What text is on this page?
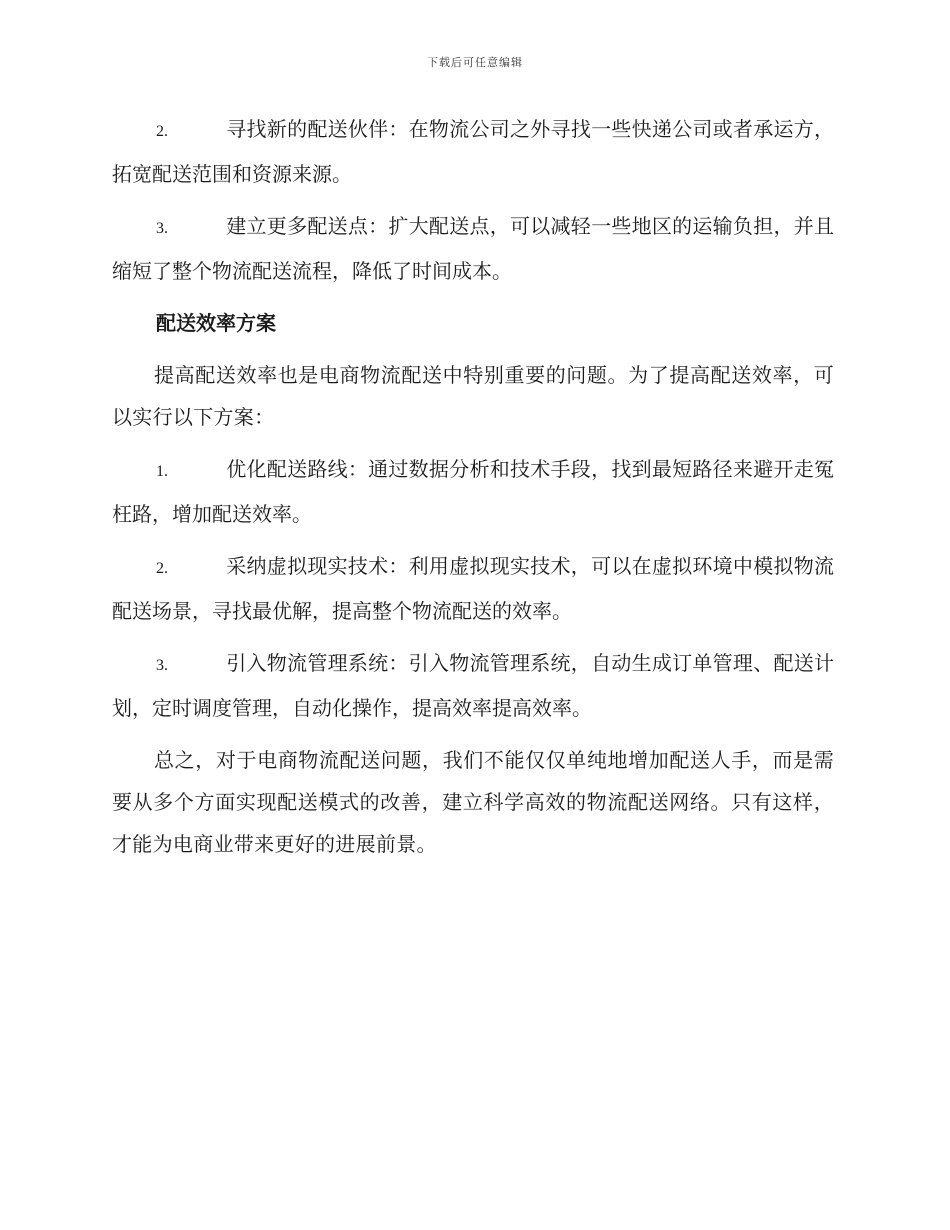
下载后可任意编辑

2.	寻找新的配送伙伴：在物流公司之外寻找一些快递公司或者承运方，拓宽配送范围和资源来源。

3.	建立更多配送点：扩大配送点，可以减轻一些地区的运输负担，并且缩短了整个物流配送流程，降低了时间成本。

配送效率方案

提高配送效率也是电商物流配送中特别重要的问题。为了提高配送效率，可以实行以下方案：

1.	优化配送路线：通过数据分析和技术手段，找到最短路径来避开走冤枉路，增加配送效率。

2.	采纳虚拟现实技术：利用虚拟现实技术，可以在虚拟环境中模拟物流配送场景，寻找最优解，提高整个物流配送的效率。

3.	引入物流管理系统：引入物流管理系统，自动生成订单管理、配送计划，定时调度管理，自动化操作，提高效率提高效率。

总之，对于电商物流配送问题，我们不能仅仅单纯地增加配送人手，而是需要从多个方面实现配送模式的改善，建立科学高效的物流配送网络。只有这样，才能为电商业带来更好的进展前景。
